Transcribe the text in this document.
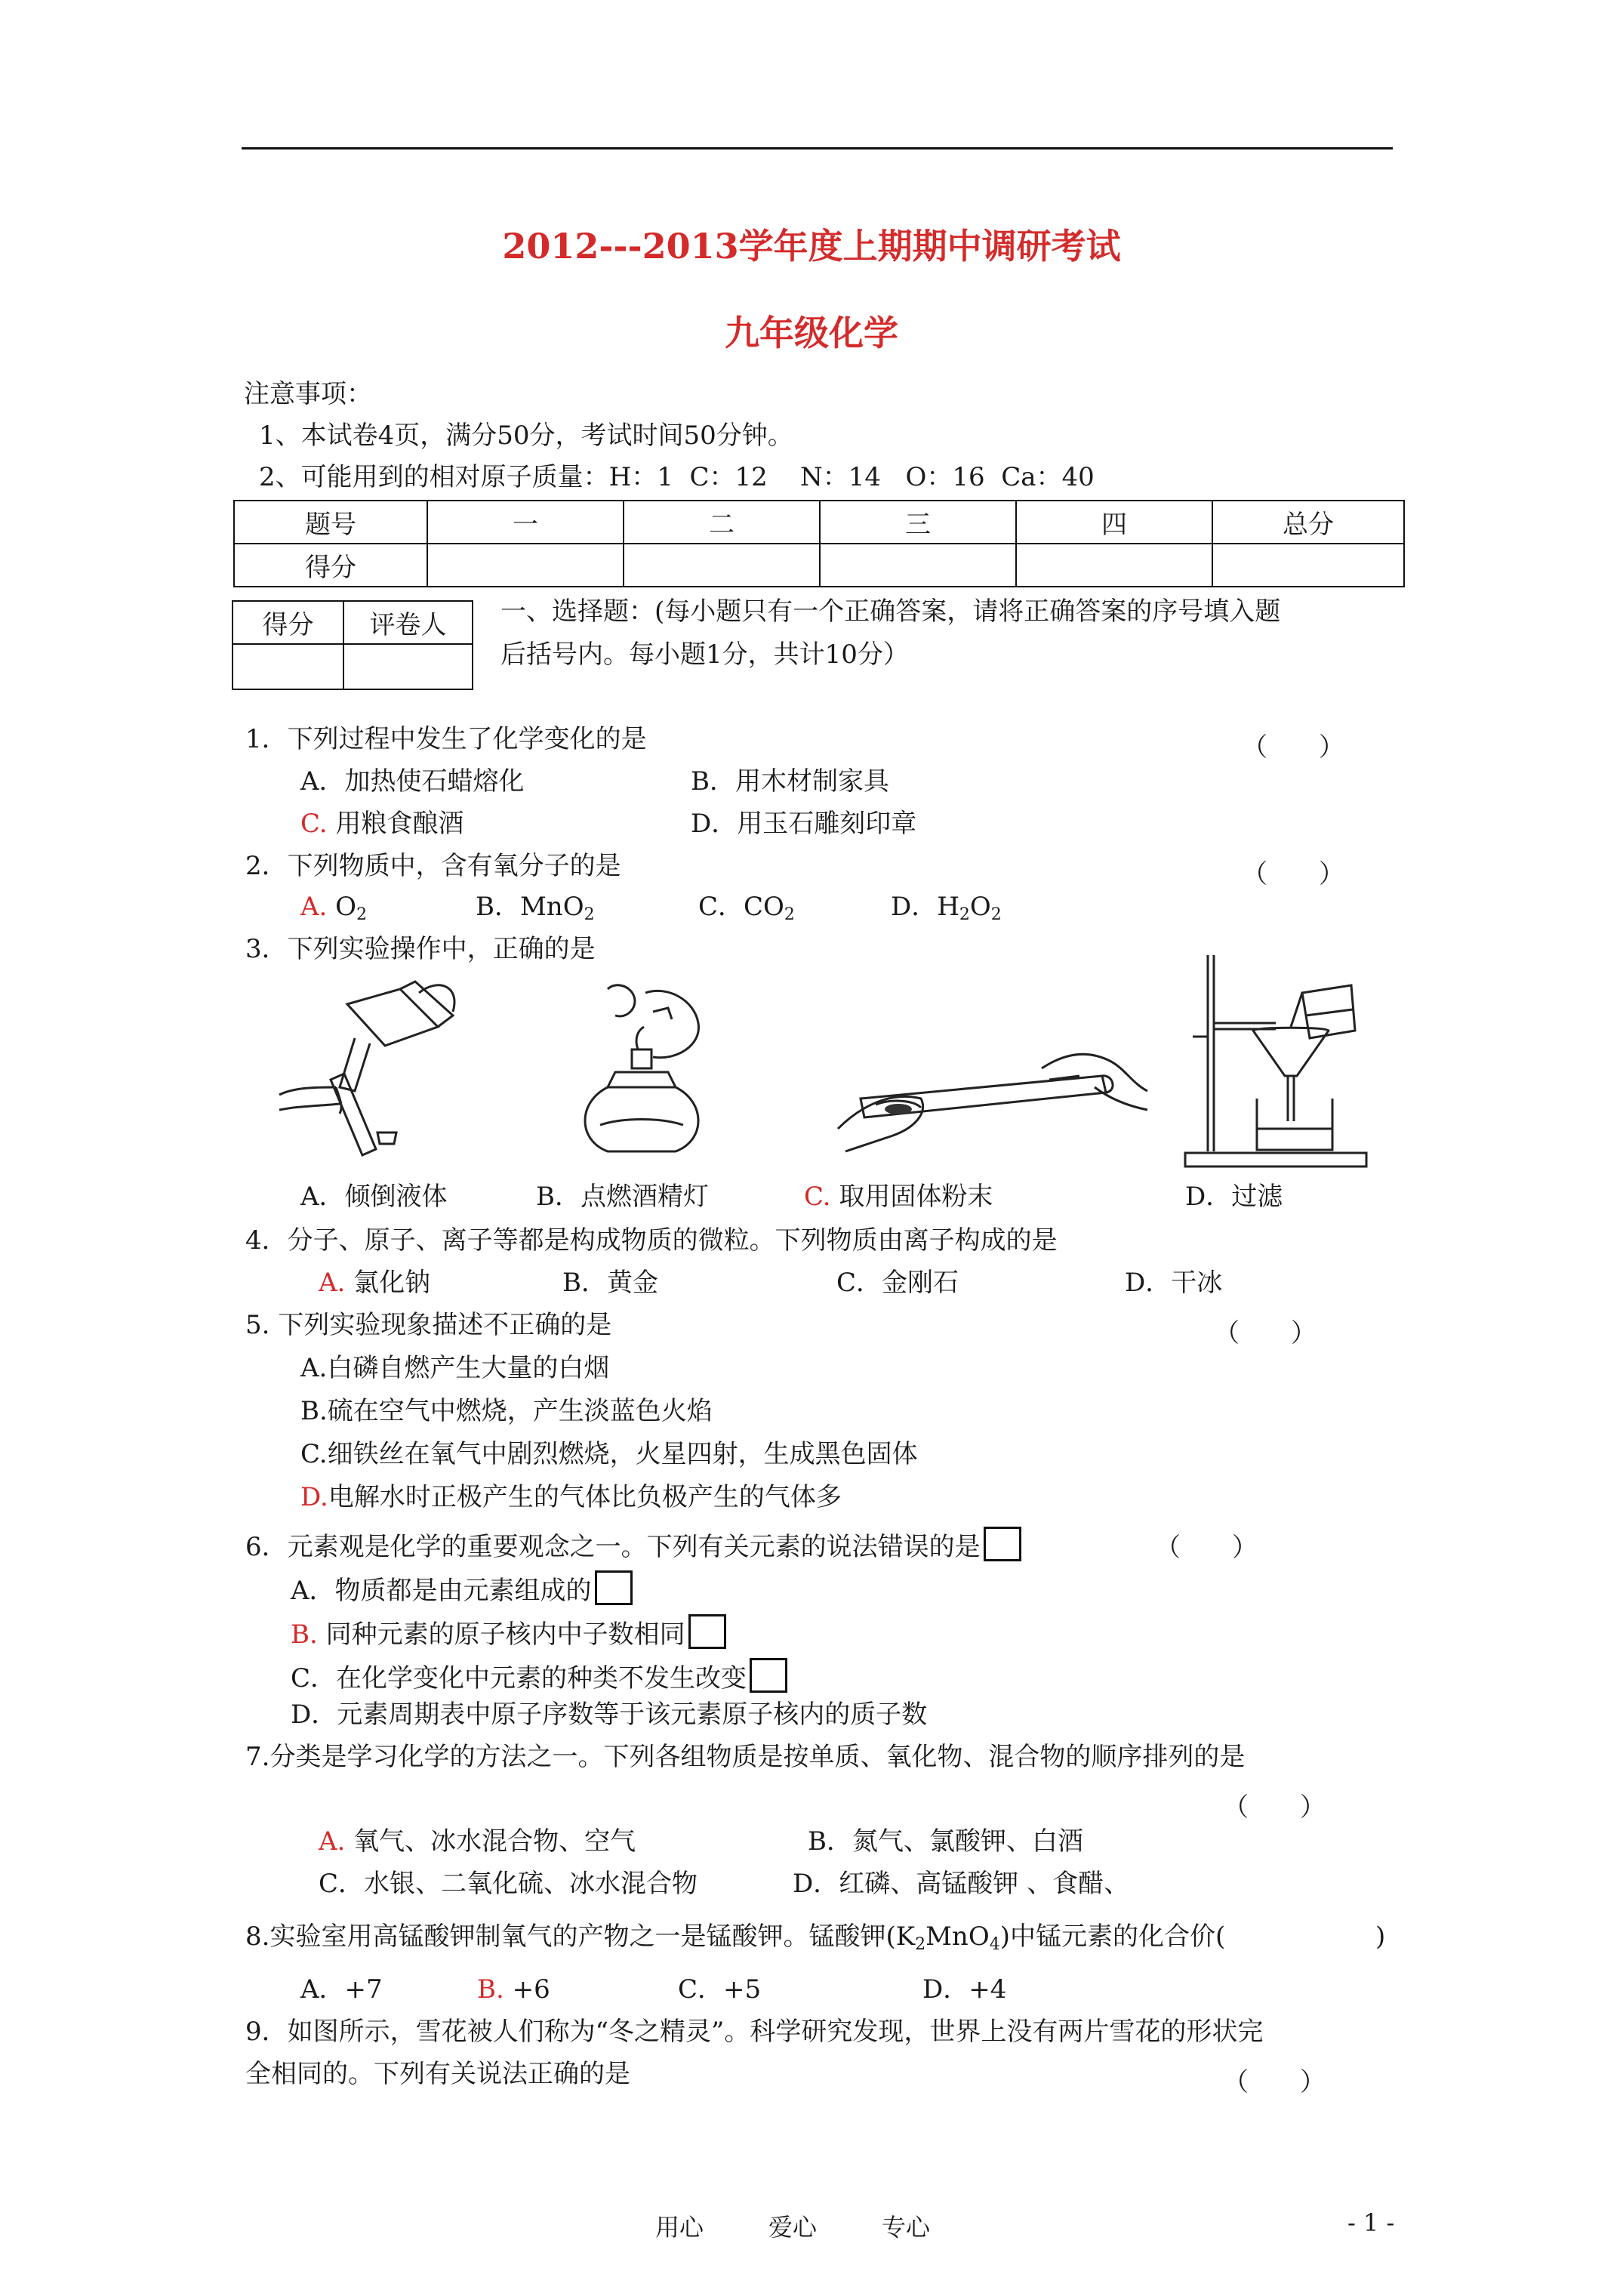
2012---2013学年度上期期中调研考试
九年级化学
注意事项：
1、本试卷4页，满分50分，考试时间50分钟。
2、可能用到的相对原子质量：H：1  C：12    N：14   O：16  Ca：40
题号	一	二	三	四	总分
得分					
得分	评卷人
	一、选择题：(每小题只有一个正确答案，请将正确答案的序号填入题
后括号内。每小题1分，共计10分）
1．下列过程中发生了化学变化的是	（　　）
A．加热使石蜡熔化	B．用木材制家具
C. 用粮食酿酒	D．用玉石雕刻印章
2．下列物质中，含有氧分子的是	（　　）
A. $O_2$	B．MnO$_2$	C．$CO_2$	D．$H_2O_2$
3．下列实验操作中，正确的是
A．倾倒液体	B．点燃酒精灯	C. 取用固体粉末	D．过滤
4．分子、原子、离子等都是构成物质的微粒。下列物质由离子构成的是
A. 氯化钠	B．黄金	C．金刚石	D．干冰
5. 下列实验现象描述不正确的是	（　　）
A.白磷自燃产生大量的白烟
B.硫在空气中燃烧，产生淡蓝色火焰
C.细铁丝在氧气中剧烈燃烧，火星四射，生成黑色固体
D.电解水时正极产生的气体比负极产生的气体多
6．元素观是化学的重要观念之一。下列有关元素的说法错误的是	（　　）
A．物质都是由元素组成的
B. 同种元素的原子核内中子数相同
C．在化学变化中元素的种类不发生改变
D．元素周期表中原子序数等于该元素原子核内的质子数
7.分类是学习化学的方法之一。下列各组物质是按单质、氧化物、混合物的顺序排列的是
（　　）
A. 氧气、冰水混合物、空气	B．氮气、氯酸钾、白酒
C．水银、二氧化硫、冰水混合物	D．红磷、高锰酸钾 、食醋、
8.实验室用高锰酸钾制氧气的产物之一是锰酸钾。锰酸钾$(K_2MnO_4)$中锰元素的化合价(	)
A．+7	B. +6	C．+5	D．+4
9．如图所示，雪花被人们称为“冬之精灵”。科学研究发现，世界上没有两片雪花的形状完
全相同的。下列有关说法正确的是	（　　）
用心	爱心	专心	- 1 -
